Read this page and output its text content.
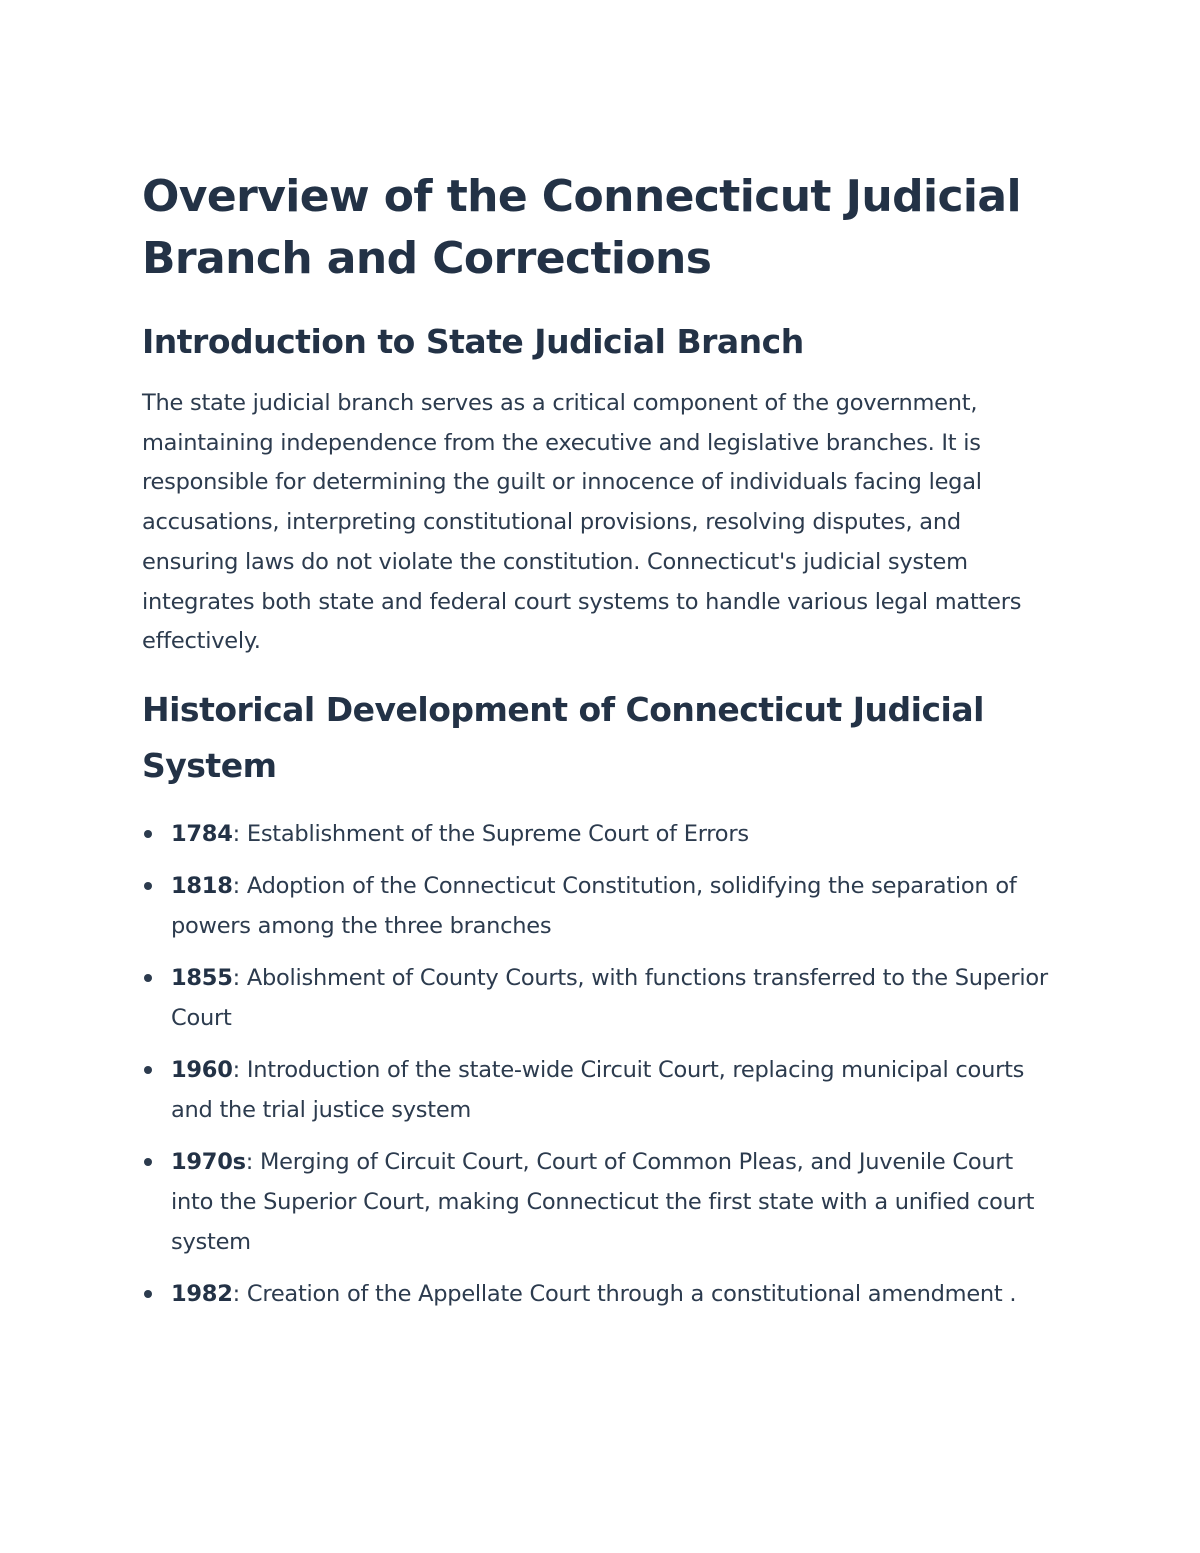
Overview of the Connecticut Judicial Branch and Corrections
Introduction to State Judicial Branch

The state judicial branch serves as a critical component of the government, maintaining independence from the executive and legislative branches. It is responsible for determining the guilt or innocence of individuals facing legal accusations, interpreting constitutional provisions, resolving disputes, and ensuring laws do not violate the constitution. Connecticut's judicial system integrates both state and federal court systems to handle various legal matters effectively.

Historical Development of Connecticut Judicial System
1784: Establishment of the Supreme Court of Errors
1818: Adoption of the Connecticut Constitution, solidifying the separation of powers among the three branches
1855: Abolishment of County Courts, with functions transferred to the Superior Court
1960: Introduction of the state-wide Circuit Court, replacing municipal courts and the trial justice system
1970s: Merging of Circuit Court, Court of Common Pleas, and Juvenile Court into the Superior Court, making Connecticut the first state with a unified court system
1982: Creation of the Appellate Court through a constitutional amendment .
